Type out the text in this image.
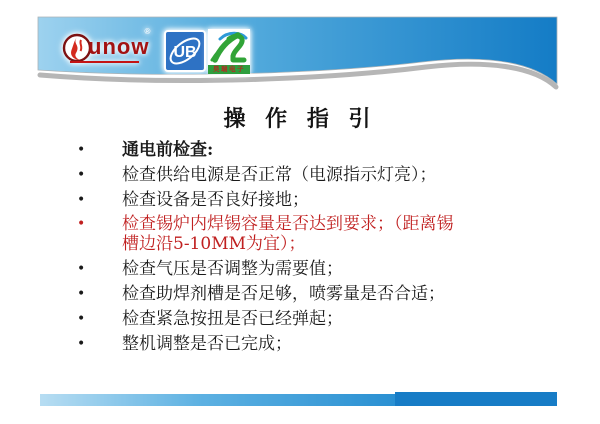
unow
®
UB
昊瑞电子
操 作 指 引
•	通电前检查:
•	检查供给电源是否正常（电源指示灯亮）；
•	检查设备是否良好接地；
•	检查锡炉内焊锡容量是否达到要求；（距离锡槽边沿5-10MM为宜）；
•	检查气压是否调整为需要值；
•	检查助焊剂槽是否足够，喷雾量是否合适；
•	检查紧急按扭是否已经弹起；
•	整机调整是否已完成；
